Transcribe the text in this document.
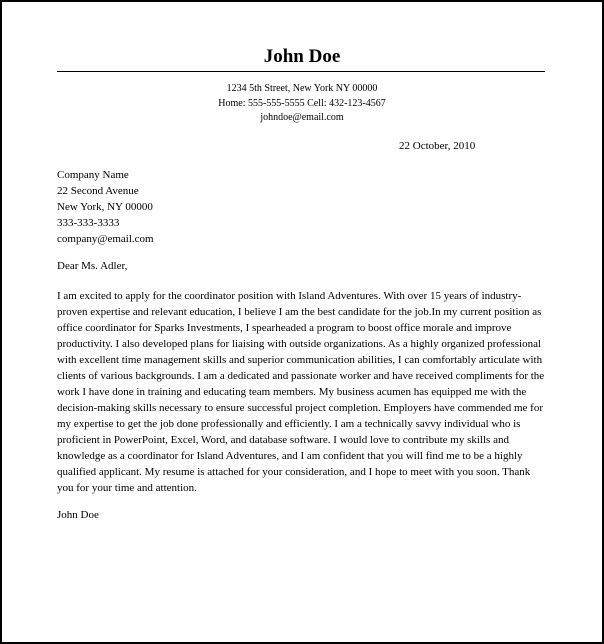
John Doe
1234 5th Street, New York NY 00000
Home: 555-555-5555 Cell: 432-123-4567
johndoe@email.com
22 October, 2010
Company Name
22 Second Avenue
New York, NY 00000
333-333-3333
company@email.com
Dear Ms. Adler,
I am excited to apply for the coordinator position with Island Adventures. With over 15 years of industry-
proven expertise and relevant education, I believe I am the best candidate for the job.In my current position as
office coordinator for Sparks Investments, I spearheaded a program to boost office morale and improve
productivity. I also developed plans for liaising with outside organizations. As a highly organized professional
with excellent time management skills and superior communication abilities, I can comfortably articulate with
clients of various backgrounds. I am a dedicated and passionate worker and have received compliments for the
work I have done in training and educating team members. My business acumen has equipped me with the
decision-making skills necessary to ensure successful project completion. Employers have commended me for
my expertise to get the job done professionally and efficiently. I am a technically savvy individual who is
proficient in PowerPoint, Excel, Word, and database software. I would love to contribute my skills and
knowledge as a coordinator for Island Adventures, and I am confident that you will find me to be a highly
qualified applicant. My resume is attached for your consideration, and I hope to meet with you soon. Thank
you for your time and attention.
John Doe
